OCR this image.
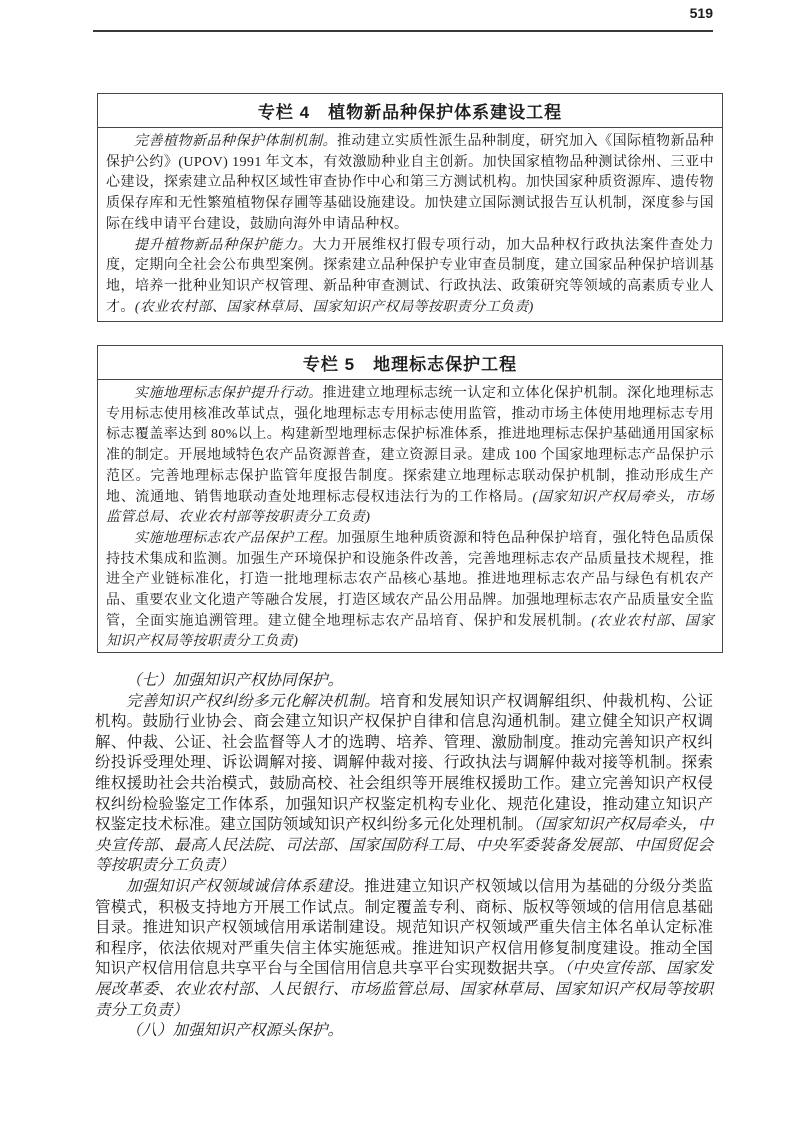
519
专栏 4　植物新品种保护体系建设工程

完善植物新品种保护体制机制。推动建立实质性派生品种制度，研究加入《国际植物新品种保护公约》(UPOV) 1991 年文本，有效激励种业自主创新。加快国家植物品种测试徐州、三亚中心建设，探索建立品种权区域性审查协作中心和第三方测试机构。加快国家种质资源库、遗传物质保存库和无性繁殖植物保存圃等基础设施建设。加快建立国际测试报告互认机制，深度参与国际在线申请平台建设，鼓励向海外申请品种权。

提升植物新品种保护能力。大力开展维权打假专项行动，加大品种权行政执法案件查处力度，定期向全社会公布典型案例。探索建立品种保护专业审查员制度，建立国家品种保护培训基地，培养一批种业知识产权管理、新品种审查测试、行政执法、政策研究等领域的高素质专业人才。(农业农村部、国家林草局、国家知识产权局等按职责分工负责)

专栏 5　地理标志保护工程

实施地理标志保护提升行动。推进建立地理标志统一认定和立体化保护机制。深化地理标志专用标志使用核准改革试点，强化地理标志专用标志使用监管，推动市场主体使用地理标志专用标志覆盖率达到 80%以上。构建新型地理标志保护标准体系，推进地理标志保护基础通用国家标准的制定。开展地域特色农产品资源普查，建立资源目录。建成 100 个国家地理标志产品保护示范区。完善地理标志保护监管年度报告制度。探索建立地理标志联动保护机制，推动形成生产地、流通地、销售地联动查处地理标志侵权违法行为的工作格局。(国家知识产权局牵头，市场监管总局、农业农村部等按职责分工负责)

实施地理标志农产品保护工程。加强原生地种质资源和特色品种保护培育，强化特色品质保持技术集成和监测。加强生产环境保护和设施条件改善，完善地理标志农产品质量技术规程，推进全产业链标准化，打造一批地理标志农产品核心基地。推进地理标志农产品与绿色有机农产品、重要农业文化遗产等融合发展，打造区域农产品公用品牌。加强地理标志农产品质量安全监管，全面实施追溯管理。建立健全地理标志农产品培育、保护和发展机制。(农业农村部、国家知识产权局等按职责分工负责)

（七）加强知识产权协同保护。

完善知识产权纠纷多元化解决机制。培育和发展知识产权调解组织、仲裁机构、公证机构。鼓励行业协会、商会建立知识产权保护自律和信息沟通机制。建立健全知识产权调解、仲裁、公证、社会监督等人才的选聘、培养、管理、激励制度。推动完善知识产权纠纷投诉受理处理、诉讼调解对接、调解仲裁对接、行政执法与调解仲裁对接等机制。探索维权援助社会共治模式，鼓励高校、社会组织等开展维权援助工作。建立完善知识产权侵权纠纷检验鉴定工作体系，加强知识产权鉴定机构专业化、规范化建设，推动建立知识产权鉴定技术标准。建立国防领域知识产权纠纷多元化处理机制。（国家知识产权局牵头，中央宣传部、最高人民法院、司法部、国家国防科工局、中央军委装备发展部、中国贸促会等按职责分工负责）

加强知识产权领域诚信体系建设。推进建立知识产权领域以信用为基础的分级分类监管模式，积极支持地方开展工作试点。制定覆盖专利、商标、版权等领域的信用信息基础目录。推进知识产权领域信用承诺制建设。规范知识产权领域严重失信主体名单认定标准和程序，依法依规对严重失信主体实施惩戒。推进知识产权信用修复制度建设。推动全国知识产权信用信息共享平台与全国信用信息共享平台实现数据共享。（中央宣传部、国家发展改革委、农业农村部、人民银行、市场监管总局、国家林草局、国家知识产权局等按职责分工负责）

（八）加强知识产权源头保护。
